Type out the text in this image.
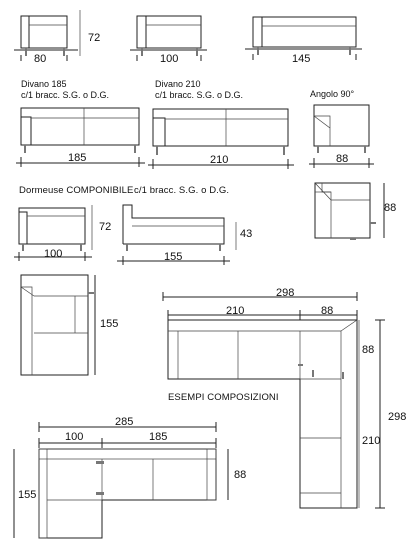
80
72
100	145
Divano 185
c/1 bracc. S.G. o D.G.
Divano 210
c/1 bracc. S.G. o D.G.	Angolo 90°
185	210	88
Dormeuse COMPONIBILE c/1 bracc. S.G. o D.G.
88
72
43
100	155
155
298
210	88
88
298
210
ESEMPI COMPOSIZIONI
285
100	185
88
155
